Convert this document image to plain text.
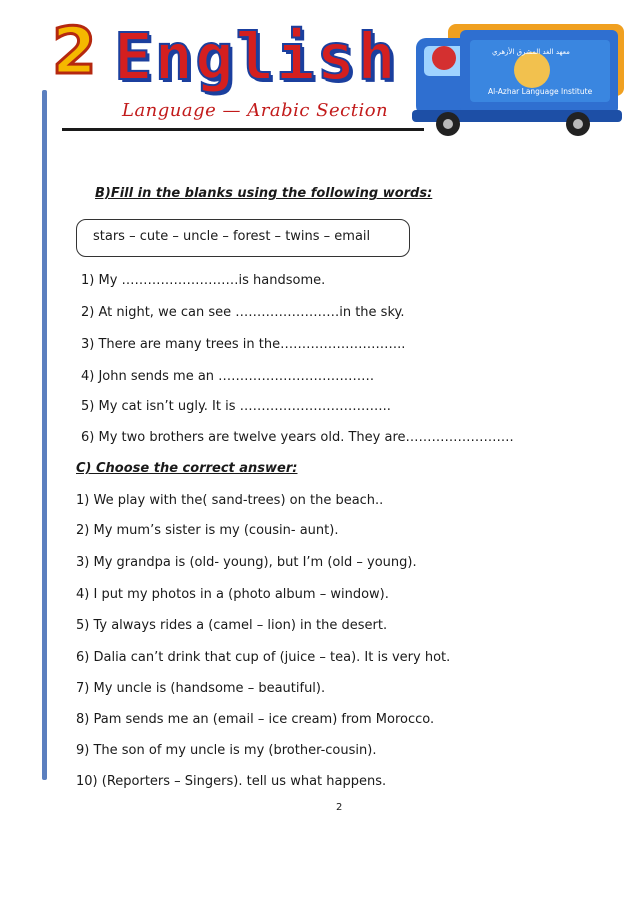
2 English
Language — Arabic Section
Al-Azhar Language Institute
معهد الغد المشرق الأزهري
B)Fill in the blanks using the following words:
stars – cute – uncle – forest – twins – email
1) My ………………………is handsome.
2) At night, we can see ……………………in the sky.
3) There are many trees in the………………………..
4) John sends me an ………………………………
5) My cat isn’t ugly. It is ……………………………..
6) My two brothers are twelve years old. They are…………………….
C) Choose the correct answer:
1) We play with the( sand-trees) on the beach..
2) My mum’s sister is my (cousin- aunt).
3) My grandpa is (old- young), but I’m (old – young).
4) I put my photos in a (photo album – window).
5) Ty always rides a (camel – lion) in the desert.
6) Dalia can’t drink that cup of (juice – tea). It is very hot.
7) My uncle is (handsome – beautiful).
8) Pam sends me an (email – ice cream) from Morocco.
9) The son of my uncle is my (brother-cousin).
10) (Reporters – Singers). tell us what happens.
2
